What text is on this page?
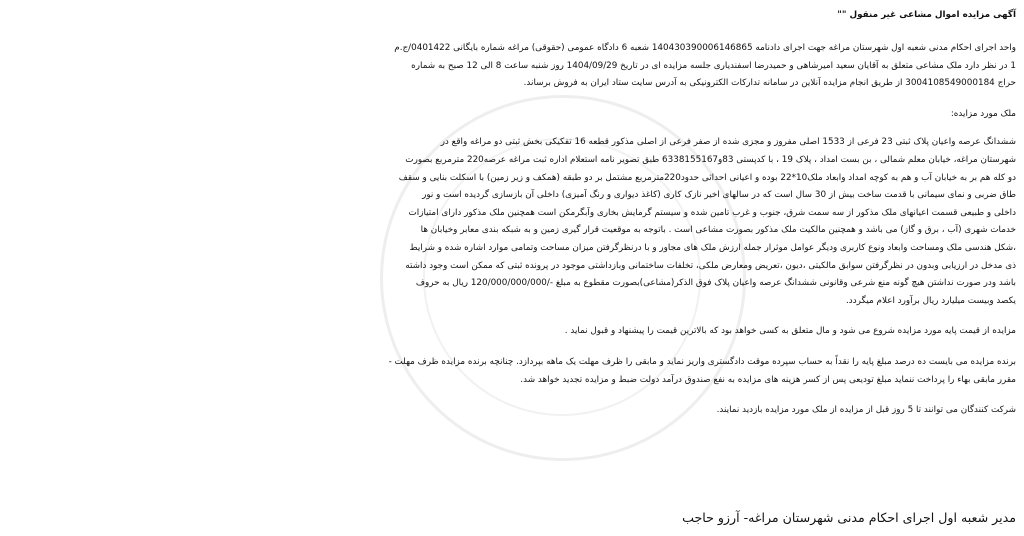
آگهی مزایده اموال مشاعی غیر منقول ""
واحد اجرای احکام مدنی شعبه اول شهرستان مراغه جهت اجرای دادنامه 140430390006146865 شعبه 6 دادگاه عمومی (حقوقی) مراغه شماره بایگانی 0401422/ج.م
1 در نظر دارد ملک مشاعی متعلق به آقایان سعید امیرشاهی و حمیدرضا اسفندیاری جلسه مزایده ای در تاریخ 1404/09/29 روز شنبه ساعت 8 الی 12 صبح به شماره
حراج 3004108549000184 از طریق انجام مزایده آنلاین در سامانه تدارکات الکترونیکی به آدرس سایت ستاد ایران به فروش برساند.
ملک مورد مزایده:
ششدانگ عرصه واعیان پلاک ثبتی 23 فرعی از 1533 اصلی مفروز و مجزی شده از صفر فرعی از اصلی مذکور قطعه 16 تفکیکی بخش ثبتی دو مراغه واقع در
شهرستان مراغه، خیابان معلم شمالی ، بن بست امداد ، پلاک 19 ، با کدپستی 83و6338155167 طبق تصویر نامه استعلام اداره ثبت مراغه عرصه220 مترمربع بصورت
دو کله هم بر به خیابان آب و هم به کوچه امداد وابعاد ملک10*22 بوده و اعیانی احداثی حدود220مترمربع مشتمل بر دو طبقه (همکف و زیر زمین) با اسکلت بنایی و سقف
طاق ضربی و نمای سیمانی با قدمت ساخت بیش از 30 سال است که در سالهای اخیر نازک کاری (کاغذ دیواری و رنگ آمیزی) داخلی آن بازسازی گردیده است و نور
داخلی و طبیعی قسمت اعیانهای ملک مذکور از سه سمت شرق، جنوب و غرب تامین شده و سیستم گرمایش بخاری وآبگرمکن است همچنین ملک مذکور دارای امتیازات
خدمات شهری (آب ، برق و گاز) می باشد و همچنین مالکیت ملک مذکور بصورت مشاعی است . باتوجه به موقعیت قرار گیری زمین و به شبکه بندی معابر وخیابان ها
،شکل هندسی ملک ومساحت وابعاد ونوع کاربری ودیگر عوامل موثرار جمله ارزش ملک های مجاور و با درنظرگرفتن میزان مساحت وتمامی موارد اشاره شده و شرایط
ذی مدخل در ارزیابی وبدون در نظرگرفتن سوابق مالکیتی ،دیون ،تعریض ومعارض ملکی، تخلفات ساختمانی وبازداشتی موجود در پرونده ثبتی که ممکن است وجود داشته
باشد ودر صورت نداشتن هیچ گونه منع شرعی وقانونی ششدانگ عرصه واعیان پلاک فوق الذکر(مشاعی)بصورت مقطوع به مبلغ -/120/000/000/000 ریال به حروف
یکصد وبیست میلیارد ریال برآورد اعلام میگردد.
مزایده از قیمت پایه مورد مزایده شروع می شود و مال متعلق به کسی خواهد بود که بالاترین قیمت را پیشنهاد و قبول نماید .
برنده مزایده می بایست ده درصد مبلغ پایه را نقداً به حساب سپرده موقت دادگستری واریز نماید و مابقی را ظرف مهلت یک ماهه بپردازد. چنانچه برنده مزایده ظرف مهلت -
مقرر مابقی بهاء را پرداخت ننماید مبلغ تودیعی پس از کسر هزینه های مزایده به نفع صندوق درآمد دولت ضبط و مزایده تجدید خواهد شد.
شرکت کنندگان می توانند تا 5 روز قبل از مزایده از ملک مورد مزایده بازدید نمایند.
مدیر شعبه اول اجرای احکام مدنی شهرستان مراغه- آرزو حاجب
